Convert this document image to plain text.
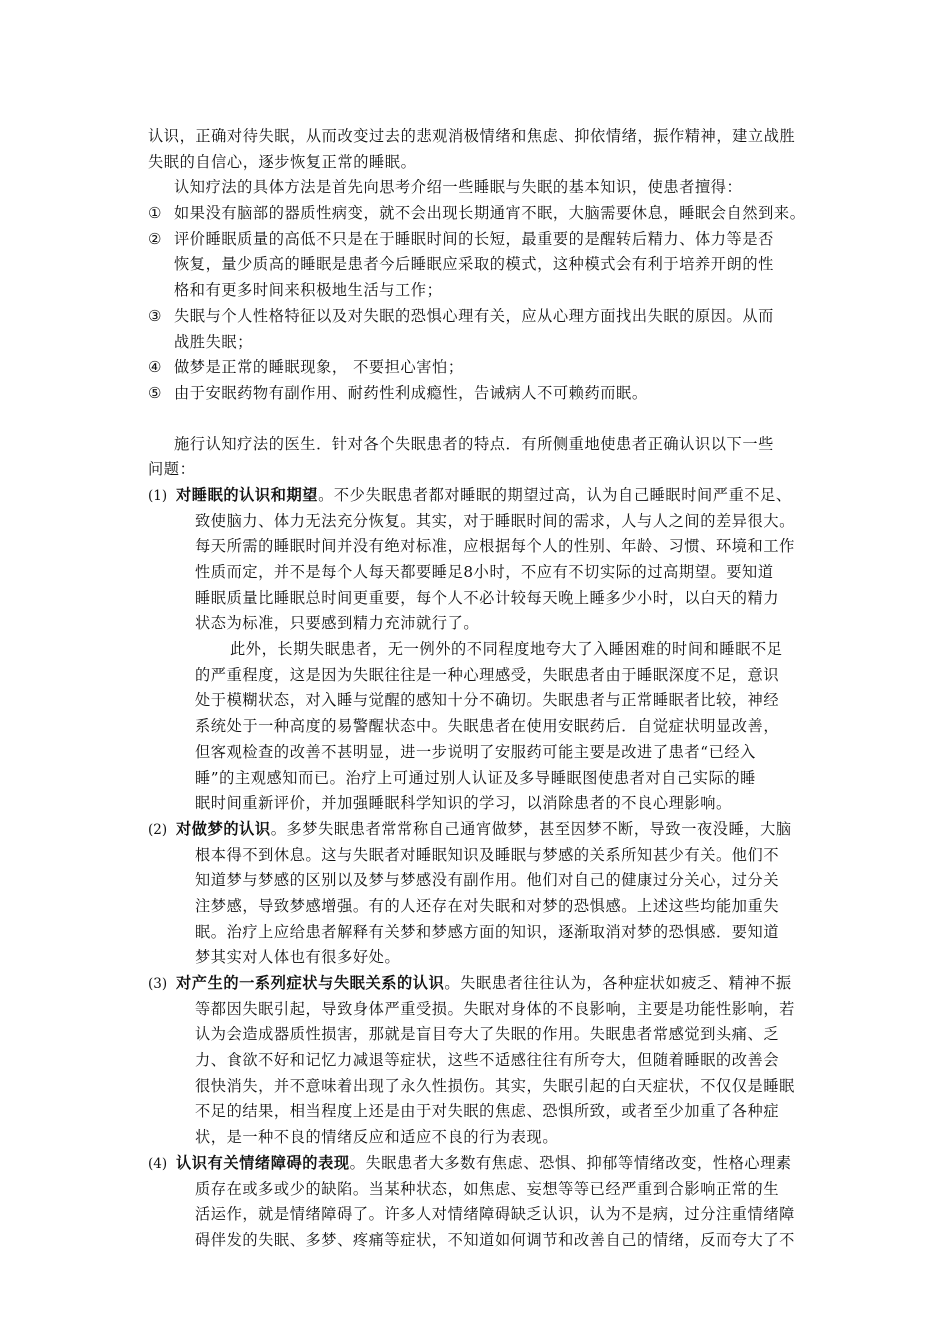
认识，正确对待失眠，从而改变过去的悲观消极情绪和焦虑、抑依情绪，振作精神，建立战胜
失眠的自信心，逐步恢复正常的睡眠。
认知疗法的具体方法是首先向思考介绍一些睡眠与失眠的基本知识，使患者擅得：
① 如果没有脑部的器质性病变，就不会出现长期通宵不眠，大脑需要休息，睡眠会自然到来。
② 评价睡眠质量的高低不只是在于睡眠时间的长短，最重要的是醒转后精力、体力等是否
恢复，量少质高的睡眠是患者今后睡眠应采取的模式，这种模式会有利于培养开朗的性
格和有更多时间来积极地生活与工作；
③ 失眠与个人性格特征以及对失眠的恐惧心理有关，应从心理方面找出失眠的原因。从而
战胜失眠；
④ 做梦是正常的睡眠现象， 不要担心害怕；
⑤ 由于安眠药物有副作用、耐药性利成瘾性，告诫病人不可赖药而眠。
施行认知疗法的医生．针对各个失眠患者的特点．有所侧重地使患者正确认识以下一些
问题：
(1) 对睡眠的认识和期望。不少失眠患者都对睡眠的期望过高，认为自己睡眠时间严重不足、
致使脑力、体力无法充分恢复。其实，对于睡眠时间的需求，人与人之间的差异很大。
每天所需的睡眠时间并没有绝对标准，应根据每个人的性别、年龄、习惯、环境和工作
性质而定，并不是每个人每天都要睡足8小时，不应有不切实际的过高期望。要知道
睡眠质量比睡眠总时间更重要，每个人不必计较每天晚上睡多少小时，以白天的精力
状态为标准，只要感到精力充沛就行了。
此外，长期失眠患者，无一例外的不同程度地夸大了入睡困难的时间和睡眠不足
的严重程度，这是因为失眠往往是一种心理感受，失眠患者由于睡眠深度不足，意识
处于模糊状态，对入睡与觉醒的感知十分不确切。失眠患者与正常睡眠者比较，神经
系统处于一种高度的易警醒状态中。失眠患者在使用安眠药后．自觉症状明显改善，
但客观检查的改善不甚明显，进一步说明了安服药可能主要是改进了患者“已经入
睡”的主观感知而已。治疗上可通过别人认证及多导睡眠图使患者对自己实际的睡
眠时间重新评价，并加强睡眠科学知识的学习，以消除患者的不良心理影响。
(2) 对做梦的认识。多梦失眠患者常常称自己通宵做梦，甚至因梦不断，导致一夜没睡，大脑
根本得不到休息。这与失眠者对睡眠知识及睡眠与梦感的关系所知甚少有关。他们不
知道梦与梦感的区别以及梦与梦感没有副作用。他们对自己的健康过分关心，过分关
注梦感，导致梦感增强。有的人还存在对失眠和对梦的恐惧感。上述这些均能加重失
眠。治疗上应给患者解释有关梦和梦感方面的知识，逐渐取消对梦的恐惧感．要知道
梦其实对人体也有很多好处。
(3) 对产生的一系列症状与失眠关系的认识。失眠患者往往认为，各种症状如疲乏、精神不振
等都因失眠引起，导致身体严重受损。失眠对身体的不良影响，主要是功能性影响，若
认为会造成器质性损害，那就是盲目夸大了失眠的作用。失眠患者常感觉到头痛、乏
力、食欲不好和记忆力减退等症状，这些不适感往往有所夸大，但随着睡眠的改善会
很快消失，并不意味着出现了永久性损伤。其实，失眠引起的白天症状，不仅仅是睡眠
不足的结果，相当程度上还是由于对失眠的焦虑、恐惧所致，或者至少加重了各种症
状，是一种不良的情绪反应和适应不良的行为表现。
(4) 认识有关情绪障碍的表现。失眠患者大多数有焦虑、恐惧、抑郁等情绪改变，性格心理素
质存在或多或少的缺陷。当某种状态，如焦虑、妄想等等已经严重到合影响正常的生
活运作，就是情绪障碍了。许多人对情绪障碍缺乏认识，认为不是病，过分注重情绪障
碍伴发的失眠、多梦、疼痛等症状，不知道如何调节和改善自己的情绪，反而夸大了不
